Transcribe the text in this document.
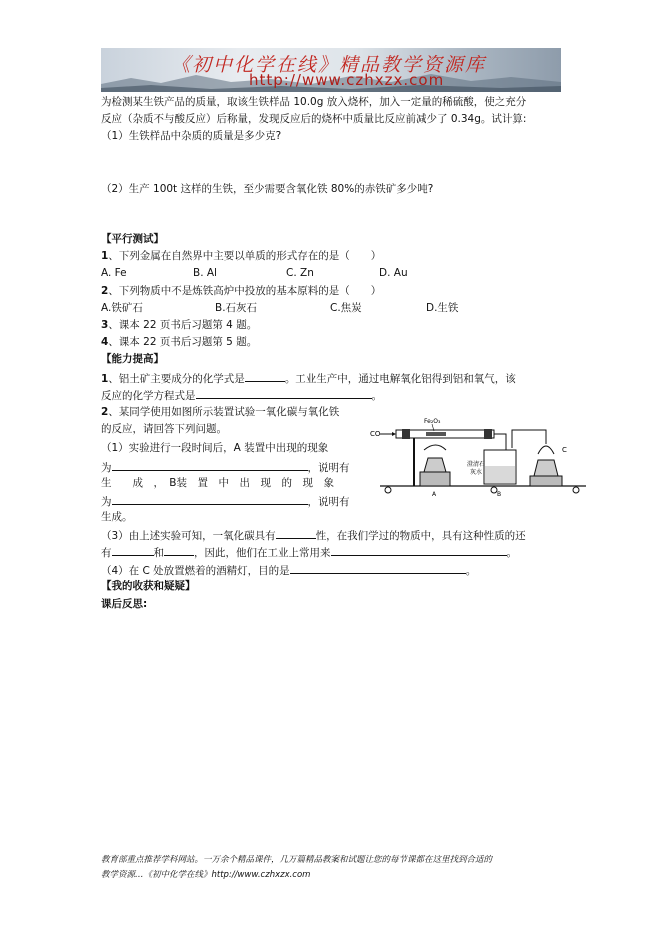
《初中化学在线》精品教学资源库
http://www.czhxzx.com
为检测某生铁产品的质量，取该生铁样品 10.0g 放入烧杯，加入一定量的稀硫酸，使之充分
反应（杂质不与酸反应）后称量，发现反应后的烧杯中质量比反应前减少了 0.34g。试计算:
（1）生铁样品中杂质的质量是多少克?
（2）生产 100t 这样的生铁，至少需要含氧化铁 80%的赤铁矿多少吨?
【平行测试】
1、下列金属在自然界中主要以单质的形式存在的是（　　）
A. Fe	B. Al	C. Zn	D. Au
2、下列物质中不是炼铁高炉中投放的基本原料的是（　　）
A.铁矿石	B.石灰石	C.焦炭	D.生铁
3、课本 22 页书后习题第 4 题。
4、课本 22 页书后习题第 5 题。
【能力提高】
1、铝土矿主要成分的化学式是	。工业生产中，通过电解氧化铝得到铝和氧气，该
反应的化学方程式是	。
2、某同学使用如图所示装置试验一氧化碳与氧化铁
的反应，请回答下列问题。
（1）实验进行一段时间后，A 装置中出现的现象
为	，说明有
生　　成　，　B装　置　中　出　现　的　现　象
为	，说明有
生成。
（3）由上述实验可知，一氧化碳具有	性，在我们学过的物质中，具有这种性质的还
有	和	，因此，他们在工业上常用来	。
（4）在 C 处放置燃着的酒精灯，目的是	。
【我的收获和疑疑】
课后反思:
CO
Fe₂O₃
A
澄清石
灰水
B
C
教育部重点推荐学科网站。一万余个精品课件，几万篇精品教案和试题让您的每节课都在这里找到合适的
教学资源…《初中化学在线》http://www.czhxzx.com
